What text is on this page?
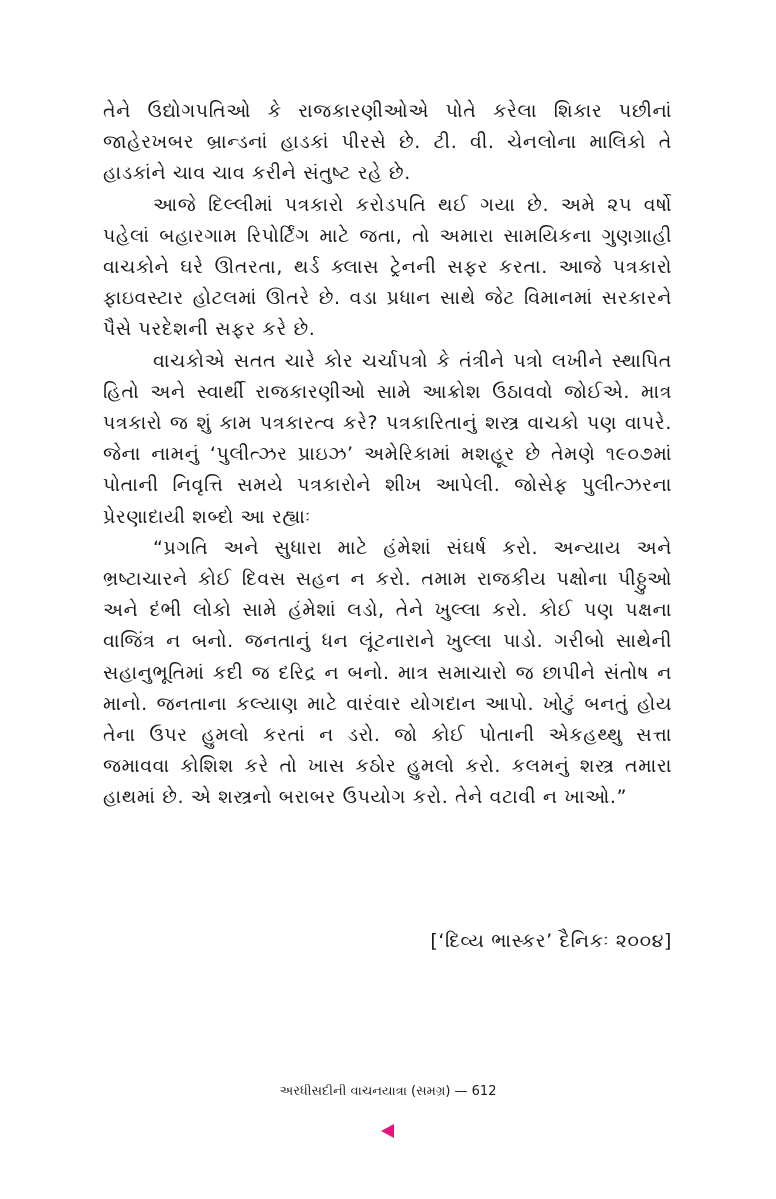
તેને ઉદ્યોગપતિઓ કે રાજકારણીઓએ પોતે કરેલા શિકાર પછીનાં જાહેરખબર બ્રાન્ડનાં હાડકાં પીરસે છે. ટી. વી. ચેનલોના માલિકો તે હાડકાંને ચાવ ચાવ કરીને સંતુષ્ટ રહે છે.

આજે દિલ્લીમાં પત્રકારો કરોડપતિ થઈ ગયા છે. અમે ૨૫ વર્ષો પહેલાં બહારગામ રિપોર્ટિંગ માટે જતા, તો અમારા સામયિકના ગુણગ્રાહી વાચકોને ઘરે ઊતરતા, થર્ડ ક્લાસ ટ્રેનની સફર કરતા. આજે પત્રકારો ફાઇવસ્ટાર હોટલમાં ઊતરે છે. વડા પ્રધાન સાથે જેટ વિમાનમાં સરકારને પૈસે પરદેશની સફર કરે છે.

વાચકોએ સતત ચારે કોર ચર્ચાપત્રો કે તંત્રીને પત્રો લખીને સ્થાપિત હિતો અને સ્વાર્થી રાજકારણીઓ સામે આક્રોશ ઉઠાવવો જોઈએ. માત્ર પત્રકારો જ શું કામ પત્રકારત્વ કરે? પત્રકારિતાનું શસ્ત્ર વાચકો પણ વાપરે. જેના નામનું ‘પુલીત્ઝર પ્રાઇઝ’ અમેરિકામાં મશહૂર છે તેમણે ૧૯૦૭માં પોતાની નિવૃત્તિ સમયે પત્રકારોને શીખ આપેલી. જોસેફ પુલીત્ઝરના પ્રેરણાદાયી શબ્દો આ રહ્યાઃ

“પ્રગતિ અને સુધારા માટે હંમેશાં સંઘર્ષ કરો. અન્યાય અને ભ્રષ્ટાચારને કોઈ દિવસ સહન ન કરો. તમામ રાજકીય પક્ષોના પીઠ્ઠુઓ અને દંભી લોકો સામે હંમેશાં લડો, તેને ખુલ્લા કરો. કોઈ પણ પક્ષના વાજિંત્ર ન બનો. જનતાનું ધન લૂંટનારાને ખુલ્લા પાડો. ગરીબો સાથેની સહાનુભૂતિમાં કદી જ દરિદ્ર ન બનો. માત્ર સમાચારો જ છાપીને સંતોષ ન માનો. જનતાના કલ્યાણ માટે વારંવાર યોગદાન આપો. ખોટું બનતું હોય તેના ઉપર હુમલો કરતાં ન ડરો. જો કોઈ પોતાની એકહથ્થુ સત્તા જમાવવા કોશિશ કરે તો ખાસ કઠોર હુમલો કરો. કલમનું શસ્ત્ર તમારા હાથમાં છે. એ શસ્ત્રનો બરાબર ઉપયોગ કરો. તેને વટાવી ન ખાઓ.”

[‘દિવ્ય ભાસ્કર’ દૈનિકઃ ૨૦૦૪]
અરધીસદીની વાચનયાત્રા (સમગ્ર) — 612
